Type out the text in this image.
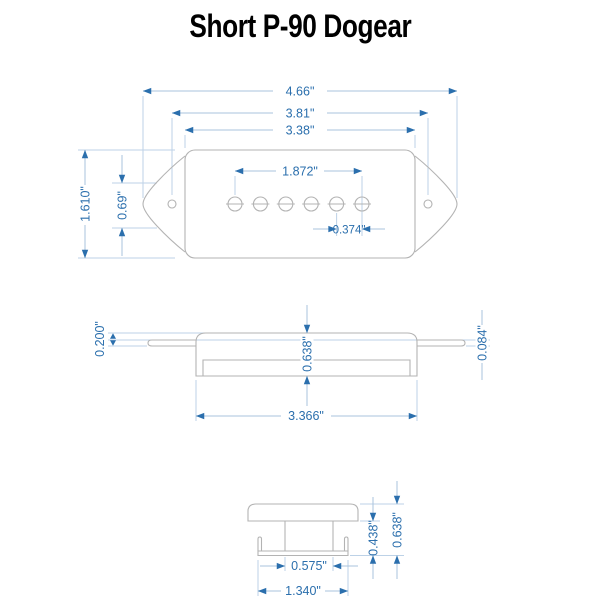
Short P-90 Dogear
4.66"
3.81"
3.38"
1.872"
0.374"
1.610" 0.69"
0.200"	0.638"	0.084"
3.366"
0.575"
1.340"
0.438" 0.638"
